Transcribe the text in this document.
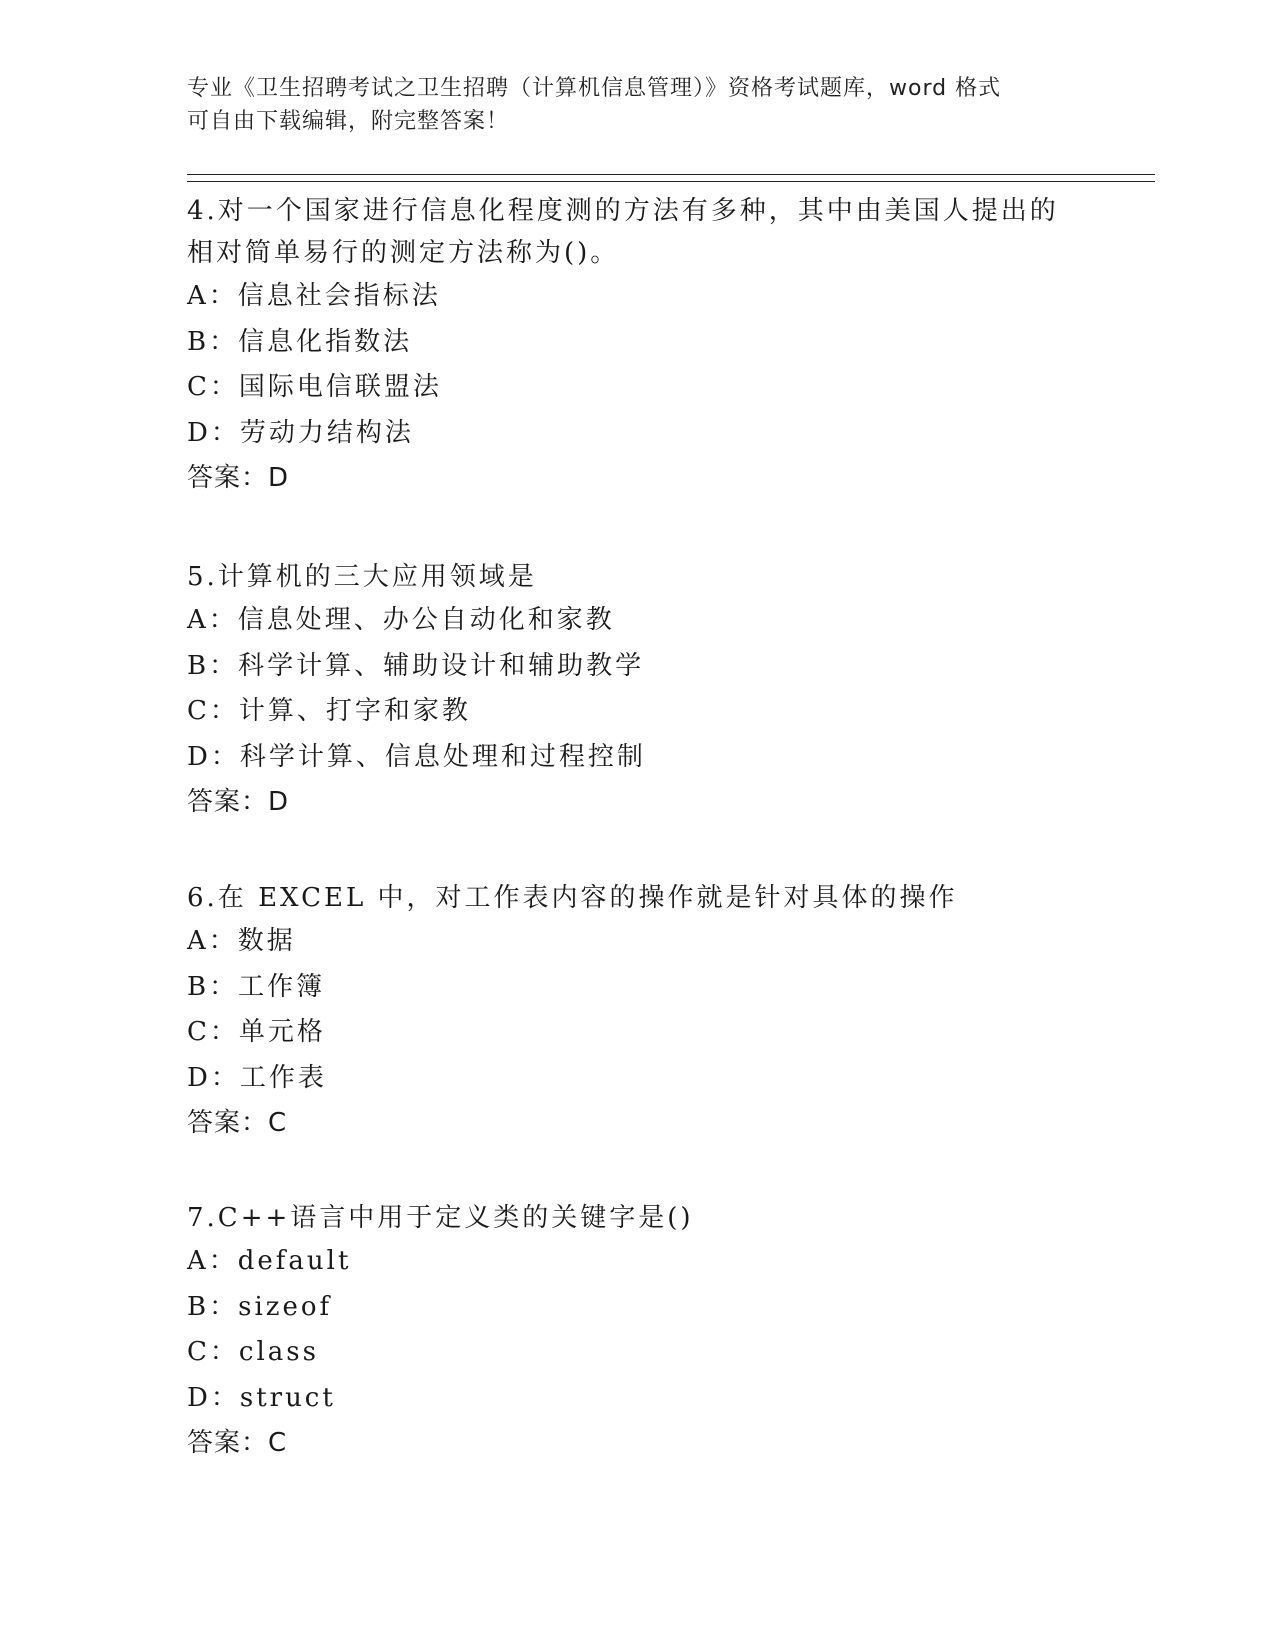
专业《卫生招聘考试之卫生招聘（计算机信息管理）》资格考试题库，word 格式
可自由下载编辑，附完整答案！
4.对一个国家进行信息化程度测的方法有多种，其中由美国人提出的
相对简单易行的测定方法称为()。
A：信息社会指标法
B：信息化指数法
C：国际电信联盟法
D：劳动力结构法
答案：D
5.计算机的三大应用领域是
A：信息处理、办公自动化和家教
B：科学计算、辅助设计和辅助教学
C：计算、打字和家教
D：科学计算、信息处理和过程控制
答案：D
6.在 EXCEL 中，对工作表内容的操作就是针对具体的操作
A：数据
B：工作簿
C：单元格
D：工作表
答案：C
7.C++语言中用于定义类的关键字是()
A：default
B：sizeof
C：class
D：struct
答案：C
